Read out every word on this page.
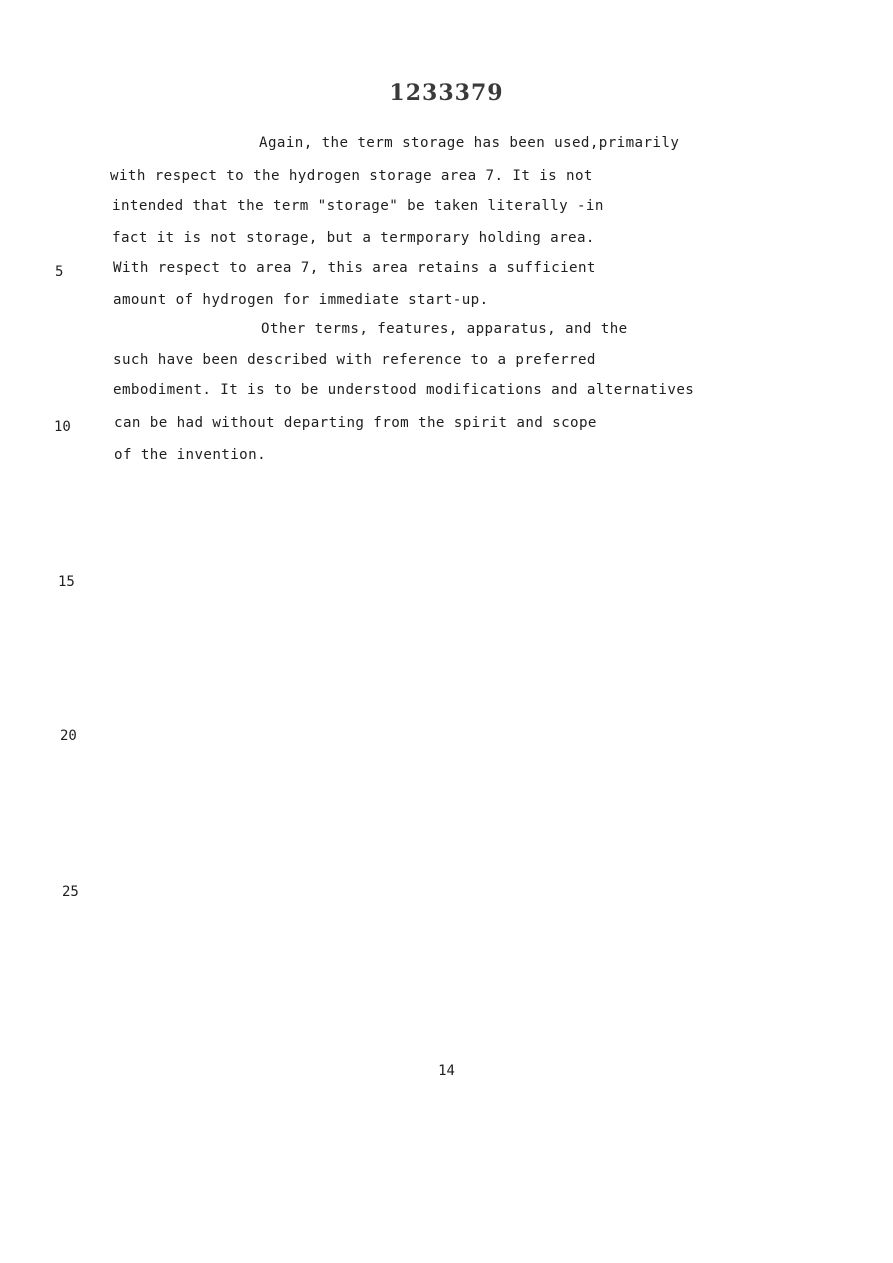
1233379
Again, the term storage has been used,primarily
with respect to the hydrogen storage area 7. It is not
intended that the term "storage" be taken literally -in
fact it is not storage, but a termporary holding area.
With respect to area 7, this area retains a sufficient
amount of hydrogen for immediate start-up.
Other terms, features, apparatus, and the
such have been described with reference to a preferred
embodiment. It is to be understood modifications and alternatives
can be had without departing from the spirit and scope
of the invention.
5
10
15
20
25
14
